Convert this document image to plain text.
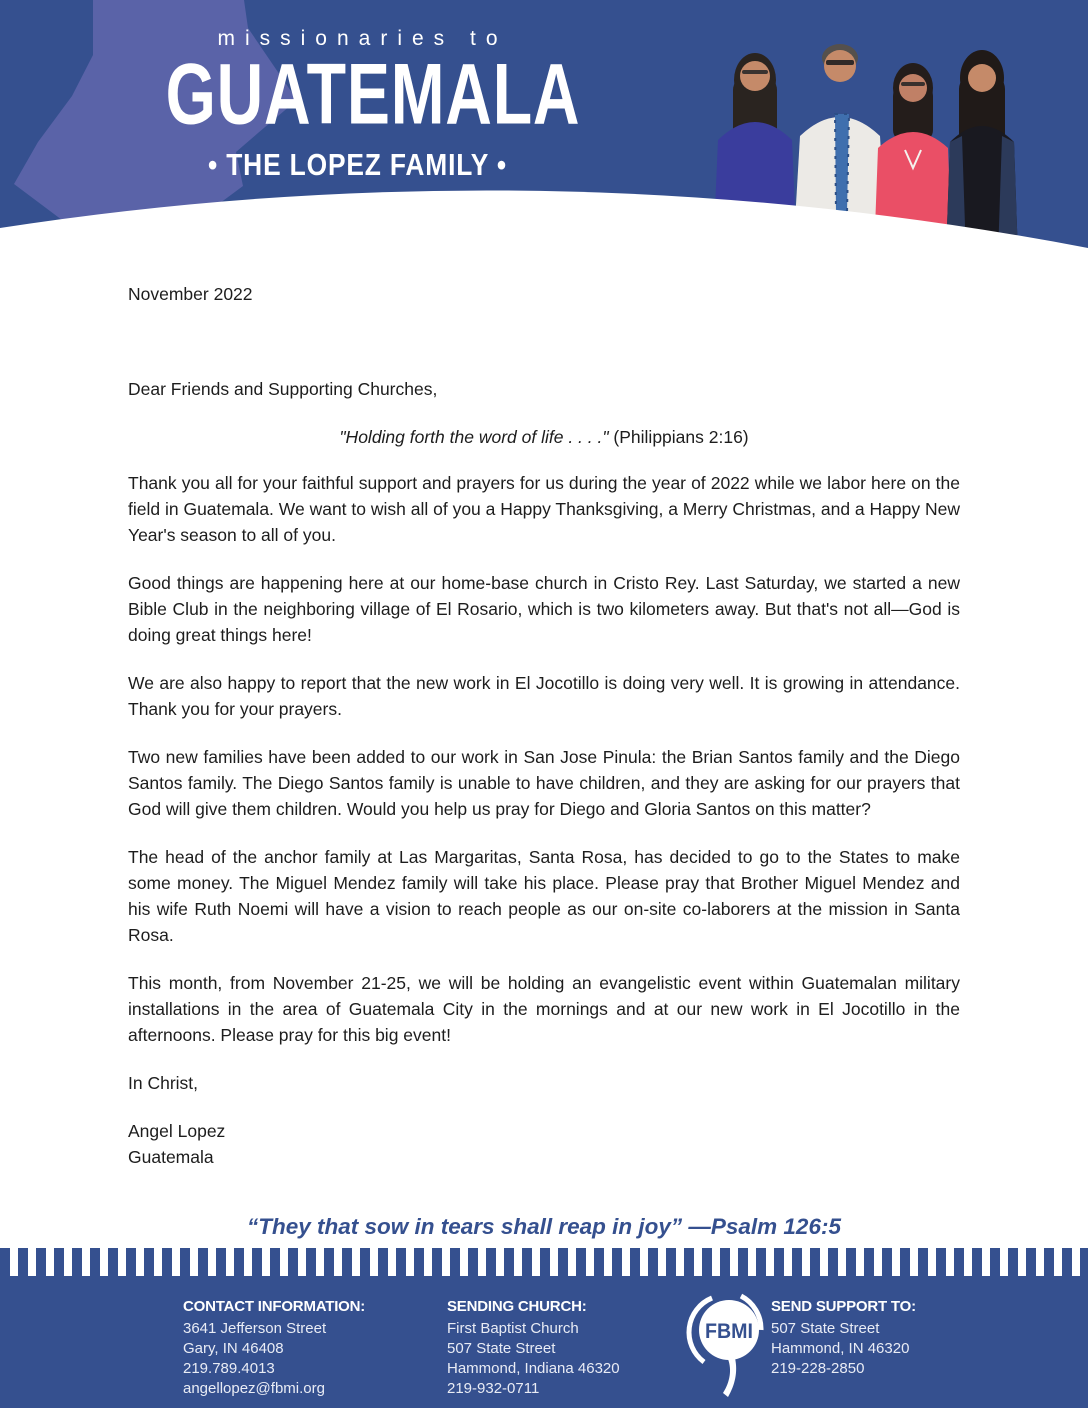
missionaries to
GUATEMALA
• THE LOPEZ FAMILY •

November 2022

Dear Friends and Supporting Churches,

"Holding forth the word of life . . . ." (Philippians 2:16)

Thank you all for your faithful support and prayers for us during the year of 2022 while we labor here on the field in Guatemala. We want to wish all of you a Happy Thanksgiving, a Merry Christmas, and a Happy New Year's season to all of you.

Good things are happening here at our home-base church in Cristo Rey. Last Saturday, we started a new Bible Club in the neighboring village of El Rosario, which is two kilometers away. But that's not all—God is doing great things here!

We are also happy to report that the new work in El Jocotillo is doing very well. It is growing in attendance. Thank you for your prayers.

Two new families have been added to our work in San Jose Pinula: the Brian Santos family and the Diego Santos family. The Diego Santos family is unable to have children, and they are asking for our prayers that God will give them children. Would you help us pray for Diego and Gloria Santos on this matter?

The head of the anchor family at Las Margaritas, Santa Rosa, has decided to go to the States to make some money. The Miguel Mendez family will take his place. Please pray that Brother Miguel Mendez and his wife Ruth Noemi will have a vision to reach people as our on-site co-laborers at the mission in Santa Rosa.

This month, from November 21-25, we will be holding an evangelistic event within Guatemalan military installations in the area of Guatemala City in the mornings and at our new work in El Jocotillo in the afternoons. Please pray for this big event!

In Christ,

Angel Lopez
Guatemala

“They that sow in tears shall reap in joy” —Psalm 126:5
CONTACT INFORMATION:
3641 Jefferson Street
Gary, IN 46408
219.789.4013
angellopez@fbmi.org
SENDING CHURCH:
First Baptist Church
507 State Street
Hammond, Indiana 46320
219-932-0711
FBMI
SEND SUPPORT TO:
507 State Street
Hammond, IN 46320
219-228-2850
